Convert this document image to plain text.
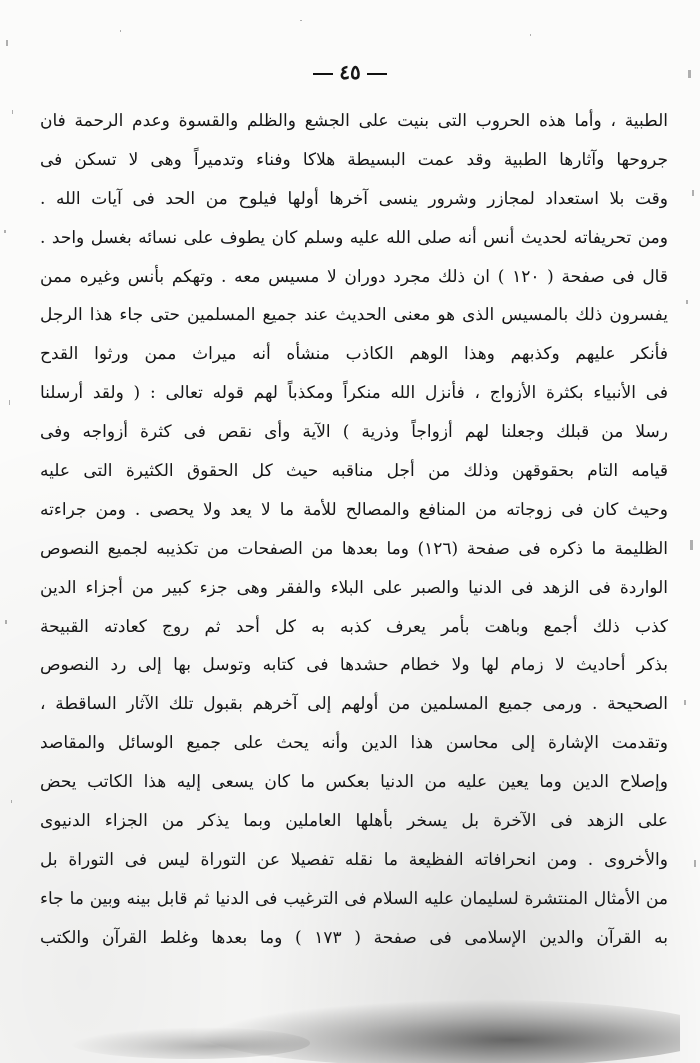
٤٥
الطبية ، وأما هذه الحروب التى بنيت على الجشع والظلم والقسوة وعدم الرحمة فان
جروحها وآثارها الطبية وقد عمت البسيطة هلاكا وفناء وتدميراً وهى لا تسكن فى
وقت بلا استعداد لمجازر وشرور ينسى آخرها أولها فيلوح من الحد فى آيات الله .
ومن تحريفاته لحديث أنس أنه صلى الله عليه وسلم كان يطوف على نسائه بغسل واحد .
قال فى صفحة ( ١٢٠ ) ان ذلك مجرد دوران لا مسيس معه . وتهكم بأنس وغيره ممن
يفسرون ذلك بالمسيس الذى هو معنى الحديث عند جميع المسلمين حتى جاء هذا الرجل
فأنكر عليهم وكذبهم وهذا الوهم الكاذب منشأه أنه ميراث ممن ورثوا القدح
فى الأنبياء بكثرة الأزواج ، فأنزل الله منكراً ومكذباً لهم قوله تعالى : ( ولقد أرسلنا
رسلا من قبلك وجعلنا لهم أزواجاً وذرية ) الآية وأى نقص فى كثرة أزواجه وفى
قيامه التام بحقوقهن وذلك من أجل مناقبه حيث كل الحقوق الكثيرة التى عليه
وحيث كان فى زوجاته من المنافع والمصالح للأمة ما لا يعد ولا يحصى . ومن جراءته
الظليمة ما ذكره فى صفحة (١٢٦) وما بعدها من الصفحات من تكذيبه لجميع النصوص
الواردة فى الزهد فى الدنيا والصبر على البلاء والفقر وهى جزء كبير من أجزاء الدين
كذب ذلك أجمع وباهت بأمر يعرف كذبه به كل أحد ثم روج كعادته القبيحة
بذكر أحاديث لا زمام لها ولا خطام حشدها فى كتابه وتوسل بها إلى رد النصوص
الصحيحة . ورمى جميع المسلمين من أولهم إلى آخرهم بقبول تلك الآثار الساقطة ،
وتقدمت الإشارة إلى محاسن هذا الدين وأنه يحث على جميع الوسائل والمقاصد
وإصلاح الدين وما يعين عليه من الدنيا بعكس ما كان يسعى إليه هذا الكاتب يحض
على الزهد فى الآخرة بل يسخر بأهلها العاملين وبما يذكر من الجزاء الدنيوى
والأخروى . ومن انحرافاته الفظيعة ما نقله تفصيلا عن التوراة ليس فى التوراة بل
من الأمثال المنتشرة لسليمان عليه السلام فى الترغيب فى الدنيا ثم قابل بينه وبين ما جاء
به القرآن والدين الإسلامى فى صفحة ( ١٧٣ ) وما بعدها وغلط القرآن والكتب
